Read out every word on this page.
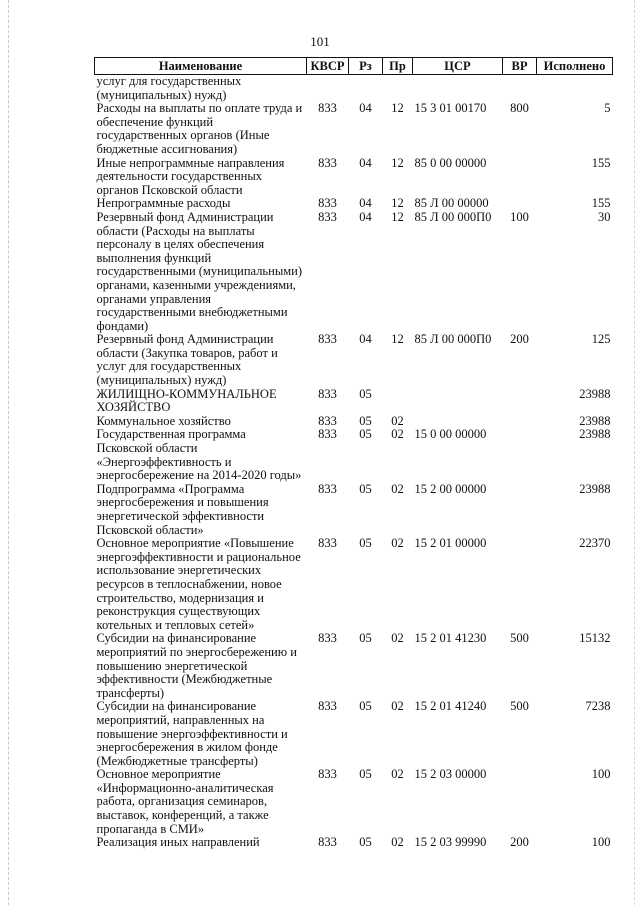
101
Наименование	КВСР	Рз	Пр	ЦСР	ВР	Исполнено
услуг для государственных (муниципальных) нужд)						
Расходы на выплаты по оплате труда и обеспечение функций государственных органов (Иные бюджетные ассигнования)	833	04	12	15 3 01 00170	800	5
Иные непрограммные направления деятельности государственных органов Псковской области	833	04	12	85 0 00 00000		155
Непрограммные расходы	833	04	12	85 Л 00 00000		155
Резервный фонд Администрации области (Расходы на выплаты персоналу в целях обеспечения выполнения функций государственными (муниципальными) органами, казенными учреждениями, органами управления государственными внебюджетными фондами)	833	04	12	85 Л 00 000П0	100	30
Резервный фонд Администрации области (Закупка товаров, работ и услуг для государственных (муниципальных) нужд)	833	04	12	85 Л 00 000П0	200	125
ЖИЛИЩНО-КОММУНАЛЬНОЕ ХОЗЯЙСТВО	833	05				23988
Коммунальное хозяйство	833	05	02			23988
Государственная программа Псковской области «Энергоэффективность и энергосбережение на 2014-2020 годы»	833	05	02	15 0 00 00000		23988
Подпрограмма «Программа энергосбережения и повышения энергетической эффективности Псковской области»	833	05	02	15 2 00 00000		23988
Основное мероприятие «Повышение энергоэффективности и рациональное использование энергетических ресурсов в теплоснабжении, новое строительство, модернизация и реконструкция существующих котельных и тепловых сетей»	833	05	02	15 2 01 00000		22370
Субсидии на финансирование мероприятий по энергосбережению и повышению энергетической эффективности (Межбюджетные трансферты)	833	05	02	15 2 01 41230	500	15132
Субсидии на финансирование мероприятий, направленных на повышение энергоэффективности и энергосбережения в жилом фонде (Межбюджетные трансферты)	833	05	02	15 2 01 41240	500	7238
Основное мероприятие «Информационно-аналитическая работа, организация семинаров, выставок, конференций, а также пропаганда в СМИ»	833	05	02	15 2 03 00000		100
Реализация иных направлений	833	05	02	15 2 03 99990	200	100
